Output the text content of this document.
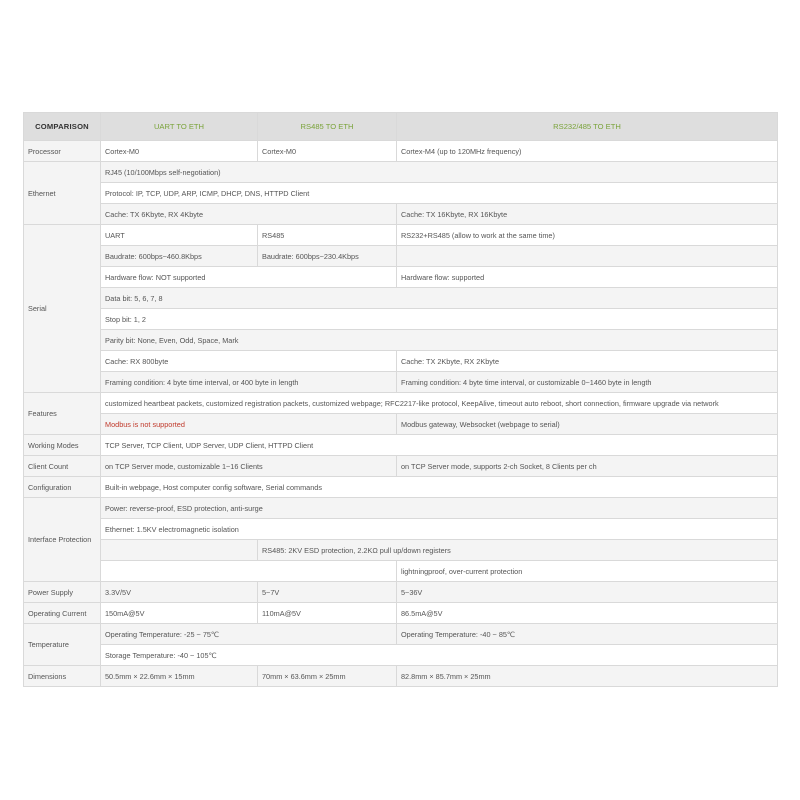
COMPARISON	UART TO ETH	RS485 TO ETH	RS232/485 TO ETH
Processor	Cortex-M0	Cortex-M0	Cortex-M4 (up to 120MHz frequency)
Ethernet	RJ45 (10/100Mbps self-negotiation)		
	Protocol: IP, TCP, UDP, ARP, ICMP, DHCP, DNS, HTTPD Client		
	Cache: TX 6Kbyte, RX 4Kbyte		Cache: TX 16Kbyte, RX 16Kbyte
Serial	UART	RS485	RS232+RS485 (allow to work at the same time)
	Baudrate: 600bps~460.8Kbps	Baudrate: 600bps~230.4Kbps	
	Hardware flow: NOT supported		Hardware flow: supported
	Data bit: 5, 6, 7, 8		
	Stop bit: 1, 2		
	Parity bit: None, Even, Odd, Space, Mark		
	Cache: RX 800byte		Cache: TX 2Kbyte, RX 2Kbyte
	Framing condition: 4 byte time interval, or 400 byte in length		Framing condition: 4 byte time interval, or customizable 0~1460 byte in length
Features	customized heartbeat packets, customized registration packets, customized webpage; RFC2217-like protocol, KeepAlive, timeout auto reboot, short connection, firmware upgrade via network		
	Modbus is not supported		Modbus gateway, Websocket (webpage to serial)
Working Modes	TCP Server, TCP Client, UDP Server, UDP Client, HTTPD Client		
Client Count	on TCP Server mode, customizable 1~16 Clients		on TCP Server mode, supports 2-ch Socket, 8 Clients per ch
Configuration	Built-in webpage, Host computer config software, Serial commands		
Interface Protection	Power: reverse-proof, ESD protection, anti-surge		
	Ethernet: 1.5KV electromagnetic isolation		
		RS485: 2KV ESD protection, 2.2KΩ pull up/down registers	
			lightningproof, over-current protection
Power Supply	3.3V/5V	5~7V	5~36V
Operating Current	150mA@5V	110mA@5V	86.5mA@5V
Temperature	Operating Temperature: -25 ~ 75℃		Operating Temperature: -40 ~ 85℃
	Storage Temperature: -40 ~ 105℃		
Dimensions	50.5mm × 22.6mm × 15mm	70mm × 63.6mm × 25mm	82.8mm × 85.7mm × 25mm
